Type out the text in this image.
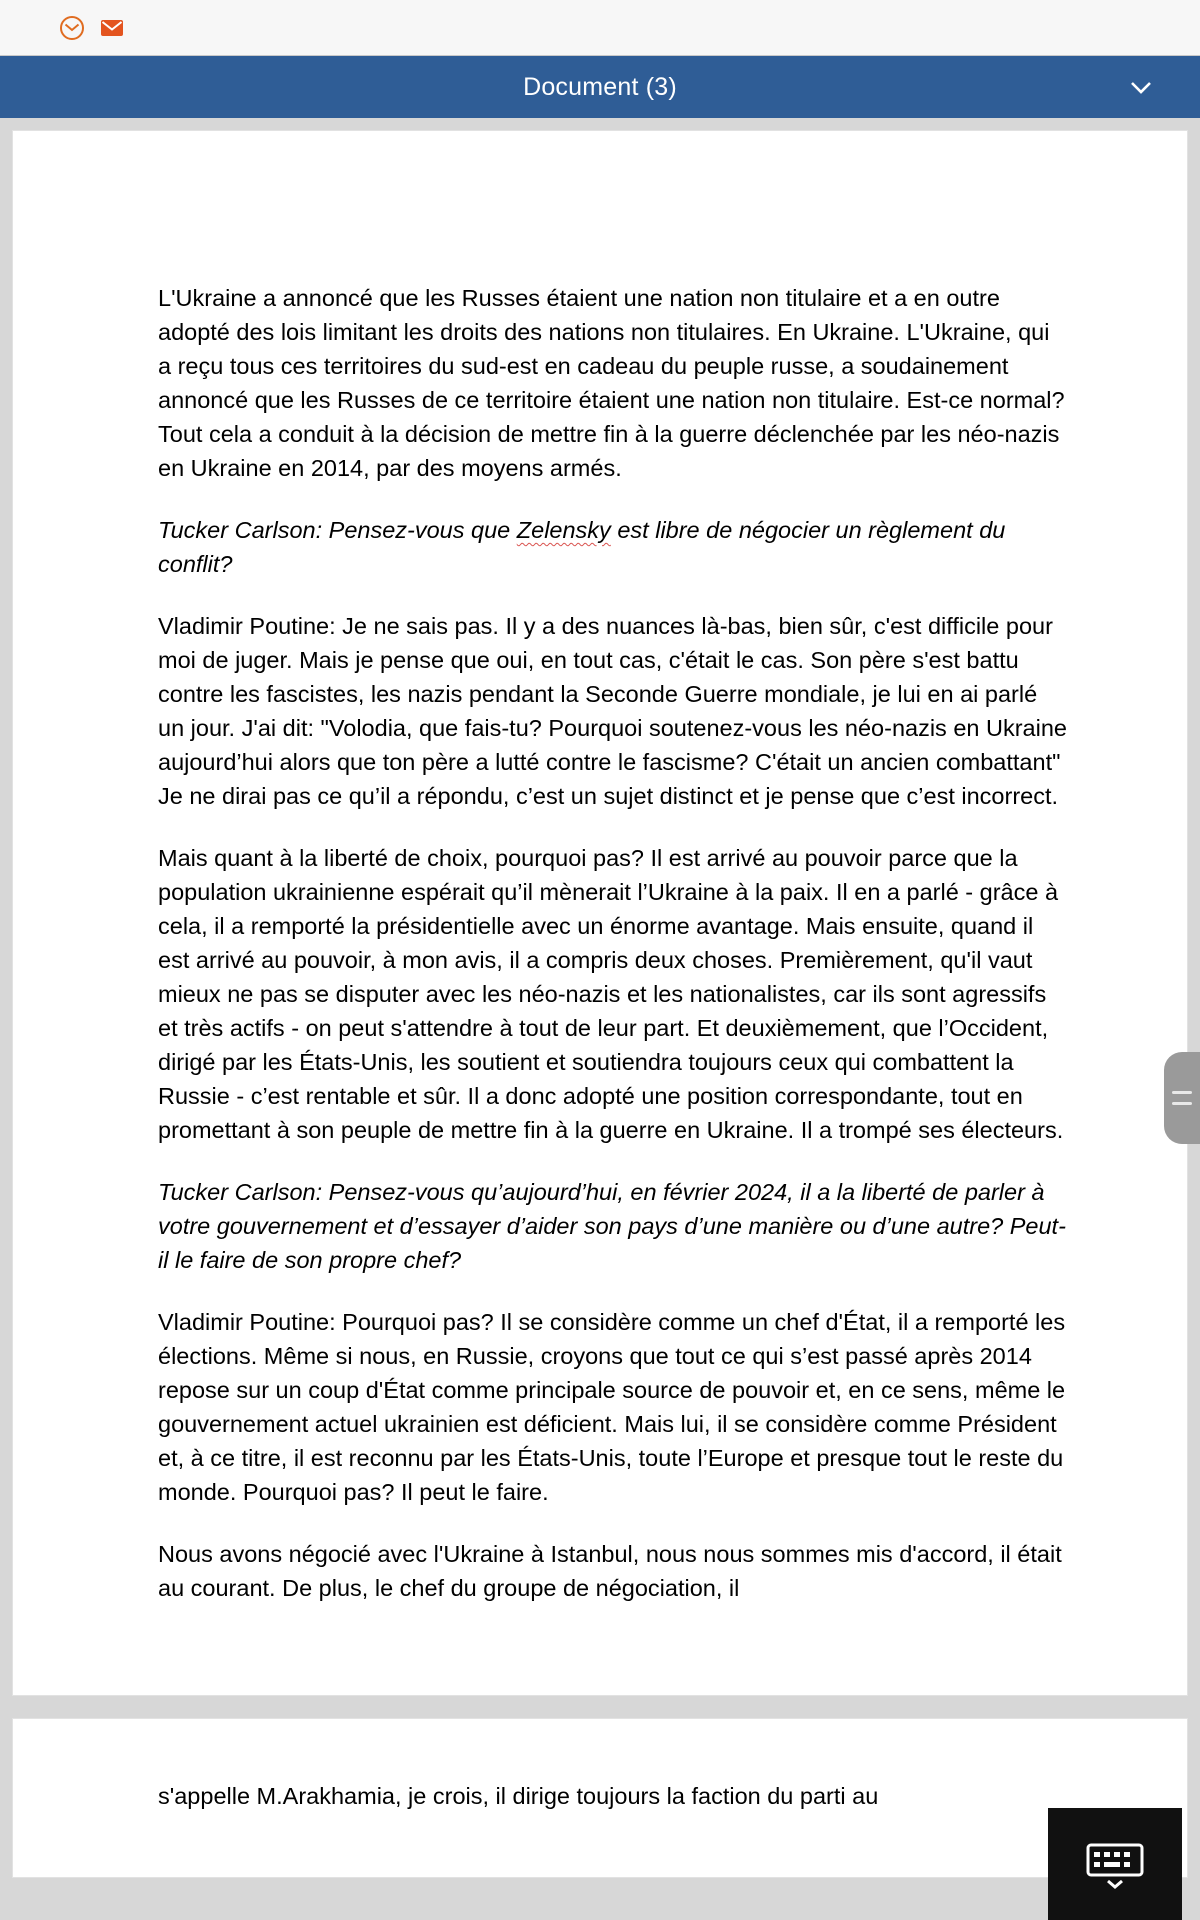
Document (3)

L'Ukraine a annoncé que les Russes étaient une nation non titulaire et a en outre adopté des lois limitant les droits des nations non titulaires. En Ukraine. L'Ukraine, qui a reçu tous ces territoires du sud-est en cadeau du peuple russe, a soudainement annoncé que les Russes de ce territoire étaient une nation non titulaire. Est-ce normal? Tout cela a conduit à la décision de mettre fin à la guerre déclenchée par les néo-nazis en Ukraine en 2014, par des moyens armés.

Tucker Carlson: Pensez-vous que Zelensky est libre de négocier un règlement du conflit?

Vladimir Poutine: Je ne sais pas. Il y a des nuances là-bas, bien sûr, c'est difficile pour moi de juger. Mais je pense que oui, en tout cas, c'était le cas. Son père s'est battu contre les fascistes, les nazis pendant la Seconde Guerre mondiale, je lui en ai parlé un jour. J'ai dit: "Volodia, que fais-tu? Pourquoi soutenez-vous les néo-nazis en Ukraine aujourd’hui alors que ton père a lutté contre le fascisme? C'était un ancien combattant" Je ne dirai pas ce qu’il a répondu, c’est un sujet distinct et je pense que c’est incorrect.

Mais quant à la liberté de choix, pourquoi pas? Il est arrivé au pouvoir parce que la population ukrainienne espérait qu’il mènerait l’Ukraine à la paix. Il en a parlé - grâce à cela, il a remporté la présidentielle avec un énorme avantage. Mais ensuite, quand il est arrivé au pouvoir, à mon avis, il a compris deux choses. Premièrement, qu'il vaut mieux ne pas se disputer avec les néo-nazis et les nationalistes, car ils sont agressifs et très actifs - on peut s'attendre à tout de leur part. Et deuxièmement, que l’Occident, dirigé par les États-Unis, les soutient et soutiendra toujours ceux qui combattent la Russie - c’est rentable et sûr. Il a donc adopté une position correspondante, tout en promettant à son peuple de mettre fin à la guerre en Ukraine. Il a trompé ses électeurs.

Tucker Carlson: Pensez-vous qu’aujourd’hui, en février 2024, il a la liberté de parler à votre gouvernement et d’essayer d’aider son pays d’une manière ou d’une autre? Peut-il le faire de son propre chef?

Vladimir Poutine: Pourquoi pas? Il se considère comme un chef d'État, il a remporté les élections. Même si nous, en Russie, croyons que tout ce qui s’est passé après 2014 repose sur un coup d'État comme principale source de pouvoir et, en ce sens, même le gouvernement actuel ukrainien est déficient. Mais lui, il se considère comme Président et, à ce titre, il est reconnu par les États-Unis, toute l’Europe et presque tout le reste du monde. Pourquoi pas? Il peut le faire.

Nous avons négocié avec l'Ukraine à Istanbul, nous nous sommes mis d'accord, il était au courant. De plus, le chef du groupe de négociation, il

s'appelle M.Arakhamia, je crois, il dirige toujours la faction du parti au
